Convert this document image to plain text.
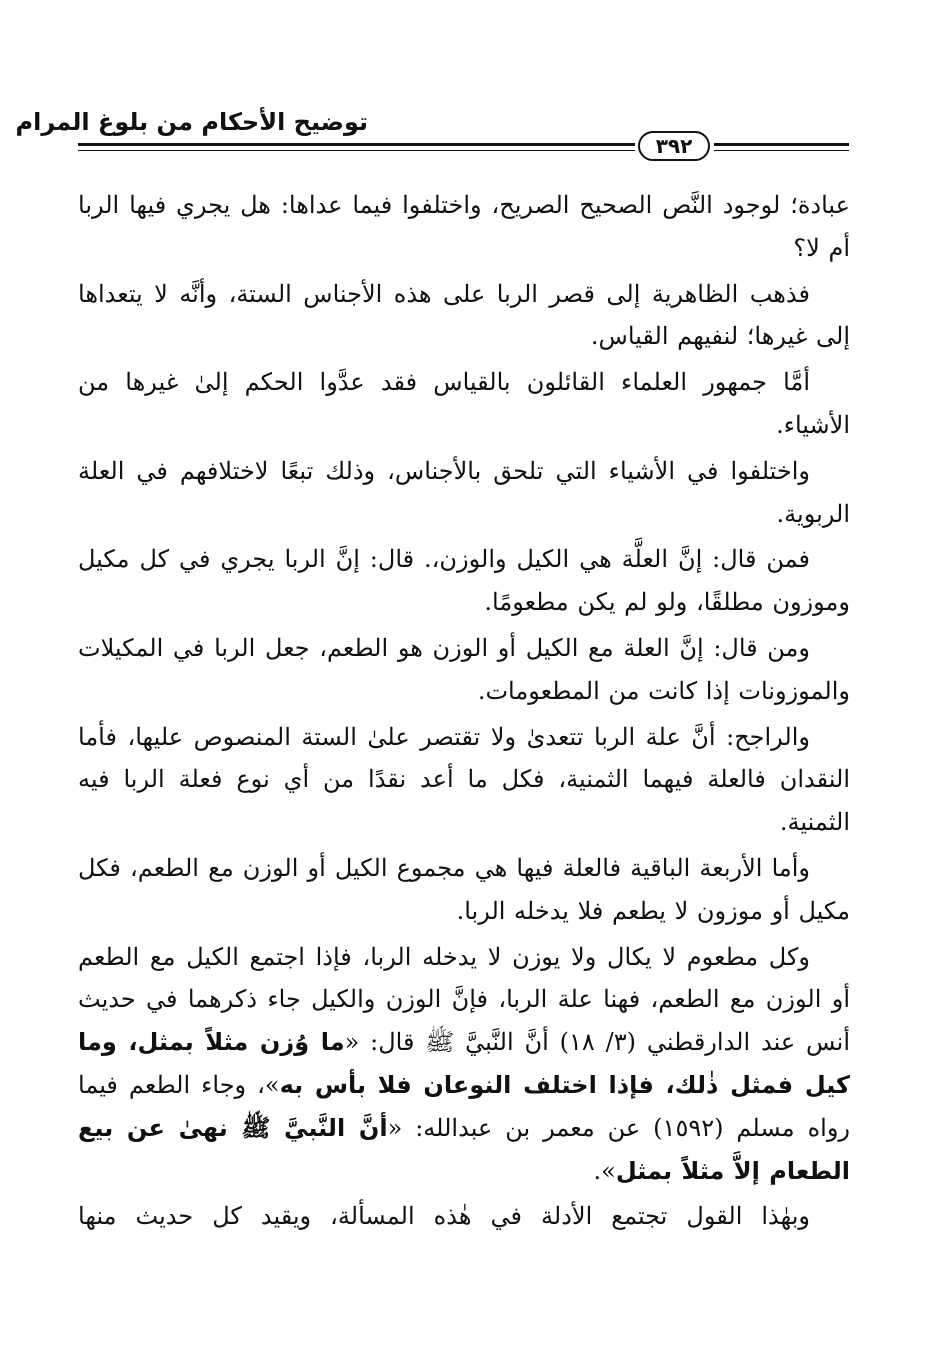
توضيح الأحكام من بلوغ المرام
٣٩٢

عبادة؛ لوجود النَّص الصحيح الصريح، واختلفوا فيما عداها: هل يجري فيها الربا أم لا؟

فذهب الظاهرية إلى قصر الربا على هذه الأجناس الستة، وأنَّه لا يتعداها إلى غيرها؛ لنفيهم القياس.

أمَّا جمهور العلماء القائلون بالقياس فقد عدَّوا الحكم إلىٰ غيرها من الأشياء.

واختلفوا في الأشياء التي تلحق بالأجناس، وذلك تبعًا لاختلافهم في العلة الربوية.

فمن قال: إنَّ العلَّة هي الكيل والوزن،. قال: إنَّ الربا يجري في كل مكيل وموزون مطلقًا، ولو لم يكن مطعومًا.

ومن قال: إنَّ العلة مع الكيل أو الوزن هو الطعم، جعل الربا في المكيلات والموزونات إذا كانت من المطعومات.

والراجح: أنَّ علة الربا تتعدىٰ ولا تقتصر علىٰ الستة المنصوص عليها، فأما النقدان فالعلة فيهما الثمنية، فكل ما أعد نقدًا من أي نوع فعلة الربا فيه الثمنية.

وأما الأربعة الباقية فالعلة فيها هي مجموع الكيل أو الوزن مع الطعم، فكل مكيل أو موزون لا يطعم فلا يدخله الربا.

وكل مطعوم لا يكال ولا يوزن لا يدخله الربا، فإذا اجتمع الكيل مع الطعم أو الوزن مع الطعم، فهنا علة الربا، فإنَّ الوزن والكيل جاء ذكرهما في حديث أنس عند الدارقطني (٣/ ١٨) أنَّ النَّبيَّ ﷺ قال: «ما وُزن مثلاً بمثل، وما كيل فمثل ذٰلك، فإذا اختلف النوعان فلا بأس به»، وجاء الطعم فيما رواه مسلم (١٥٩٢) عن معمر بن عبدالله: «أنَّ النَّبيَّ ﷺ نهىٰ عن بيع الطعام إلاَّ مثلاً بمثل».

وبهٰذا القول تجتمع الأدلة في هٰذه المسألة، ويقيد كل حديث منها
